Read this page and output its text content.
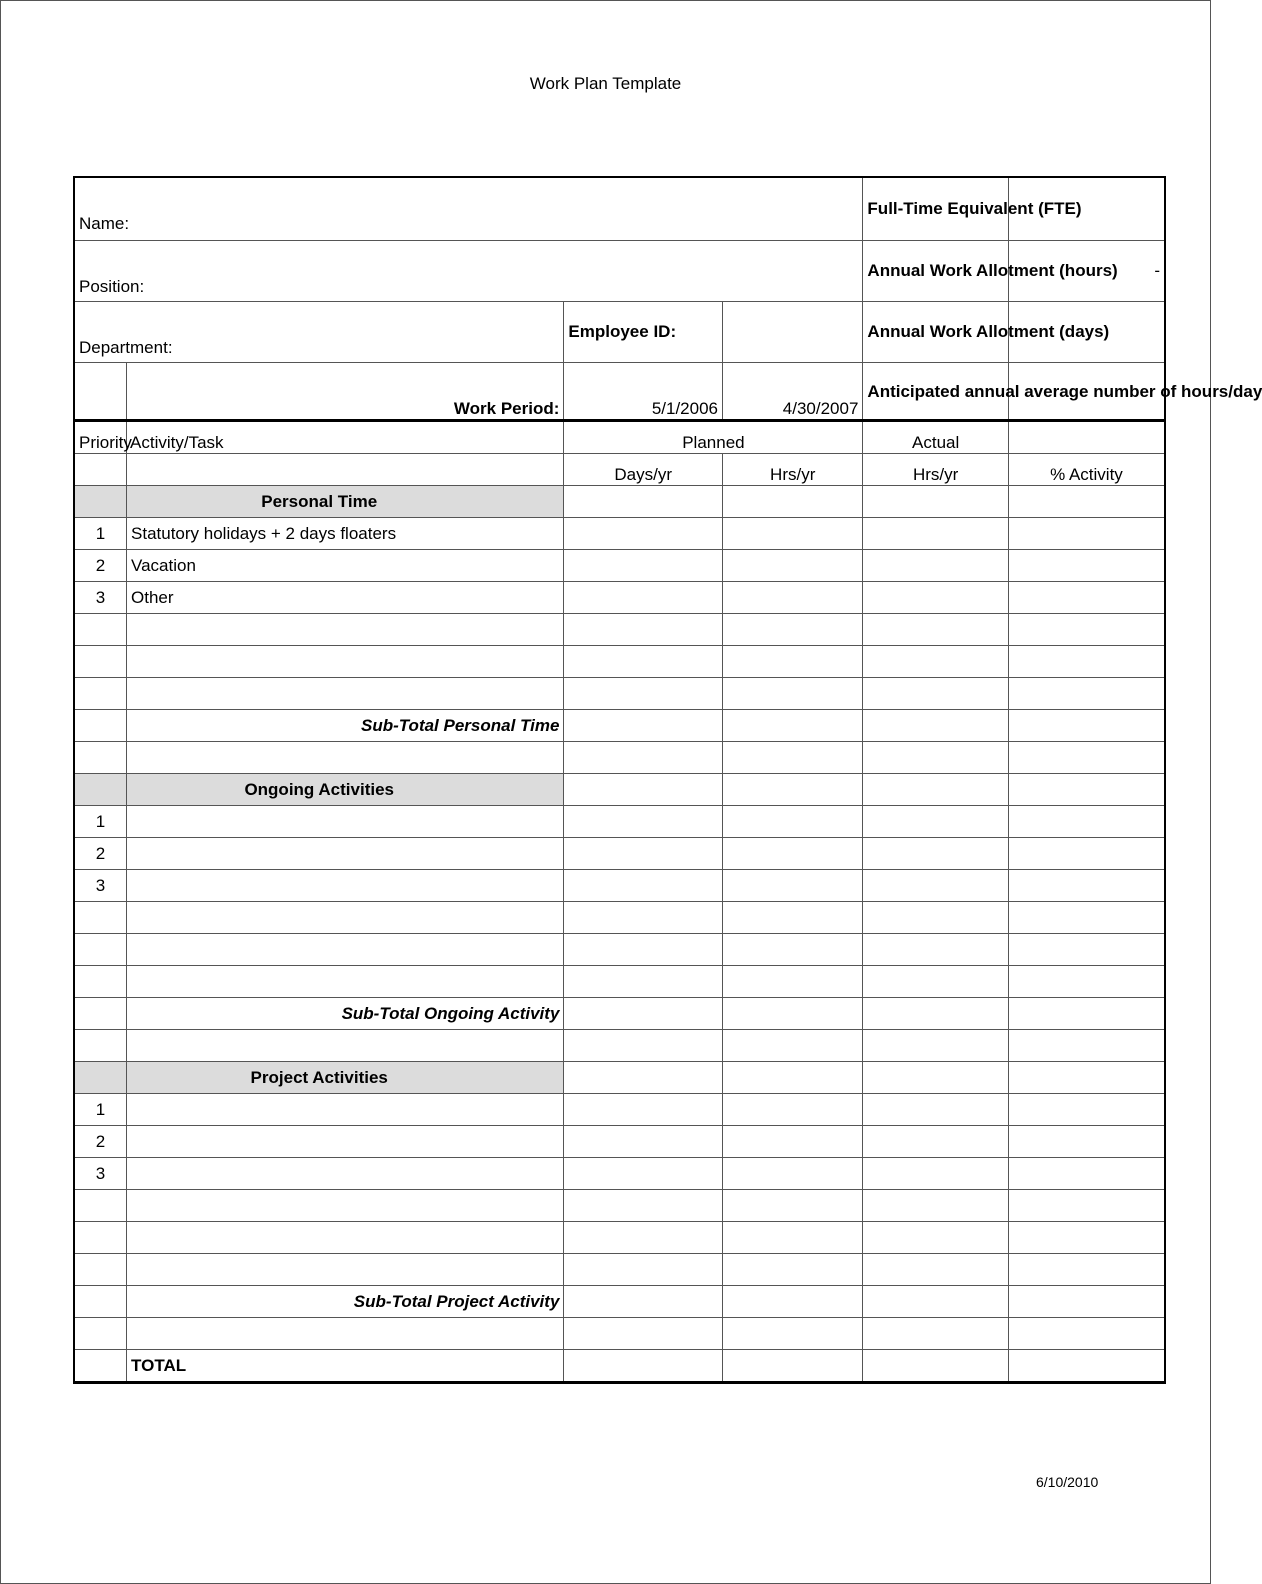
Work Plan Template
Name:				Full-Time Equivalent (FTE)	
Position:				Annual Work Allotment (hours)	-
Department:		Employee ID:		Annual Work Allotment (days)	
	Work Period:	5/1/2006	4/30/2007	Anticipated annual average number of hours/day	
Priority	Activity/Task	Planned		Actual	
		Days/yr	Hrs/yr	Hrs/yr	% Activity
	Personal Time				
1	Statutory holidays + 2 days floaters				
2	Vacation				
3	Other				

	Sub-Total Personal Time				

	Ongoing Activities				
1					
2					
3					

	Sub-Total Ongoing Activity				

	Project Activities				
1					
2					
3					

	Sub-Total Project Activity				

	TOTAL				
6/10/2010
